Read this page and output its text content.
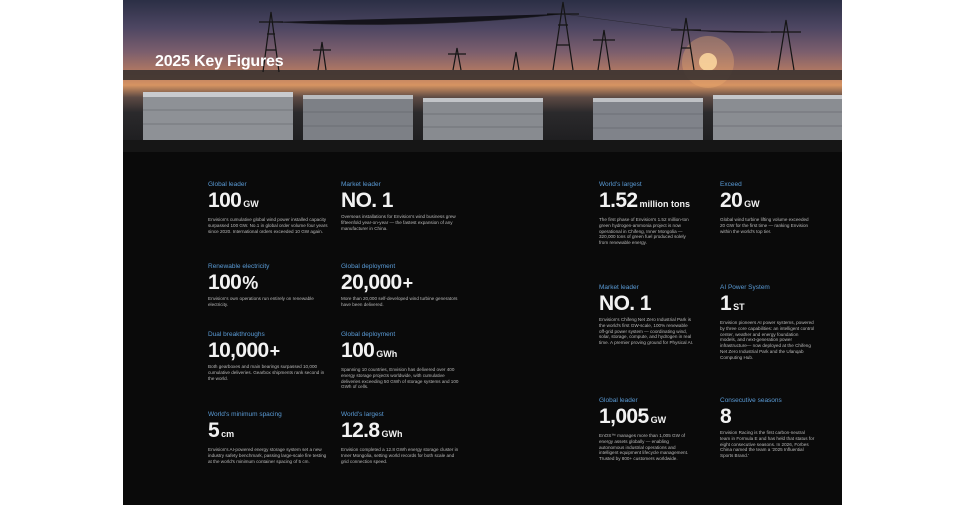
2025 Key Figures
Global leader
100 GW
Envision's cumulative global wind power installed capacity surpassed 100 GW. No.1 in global order volume four years since 2020. International orders exceeded 10 GW again.
Market leader
NO. 1
Overseas installations for Envision's wind business grew fifteenfold year-on-year — the fastest expansion of any manufacturer in China.
Renewable electricity
100%
Envision's own operations run entirely on renewable electricity.
Global deployment
20,000+
More than 20,000 self-developed wind turbine generators have been delivered.
Dual breakthroughs
10,000+
Both gearboxes and main bearings surpassed 10,000 cumulative deliveries. Gearbox shipments rank second in the world.
Global deployment
100 GWh
Spanning 10 countries, Envision has delivered over 400 energy storage projects worldwide, with cumulative deliveries exceeding 50 GWh of storage systems and 100 GWh of cells.
World's minimum spacing
5 cm
Envision's AI-powered energy storage system set a new industry safety benchmark, passing large-scale fire testing at the world's minimum container spacing of 5 cm.
World's largest
12.8 GWh
Envision completed a 12.8 GWh energy storage cluster in Inner Mongolia, setting world records for both scale and grid connection speed.
World's largest
1.52 million tons
The first phase of Envision's 1.52 million-ton green hydrogen-ammonia project is now operational in Chifeng, Inner Mongolia — 320,000 tons of green fuel produced solely from renewable energy.
Exceed
20 GW
Global wind turbine lifting volume exceeded 20 GW for the first time — ranking Envision within the world's top tier.
Market leader
NO. 1
Envision's Chifeng Net Zero Industrial Park is the world's first GW-scale, 100% renewable off-grid power system — coordinating wind, solar, storage, compute, and hydrogen in real time. A premier proving ground for Physical AI.
AI Power System
1 ST
Envision pioneers AI power systems, powered by three core capabilities: an intelligent control center, weather and energy foundation models, and next-generation power infrastructure— now deployed at the Chifeng Net Zero Industrial Park and the Ulanqab Computing Hub.
Global leader
1,005 GW
EnOS™ manages more than 1,005 GW of energy assets globally — enabling autonomous industrial operations and intelligent equipment lifecycle management. Trusted by 800+ customers worldwide.
Consecutive seasons
8
Envision Racing is the first carbon-neutral team in Formula E and has held that status for eight consecutive seasons. In 2026, Forbes China named the team a '2025 Influential Sports Brand.'
